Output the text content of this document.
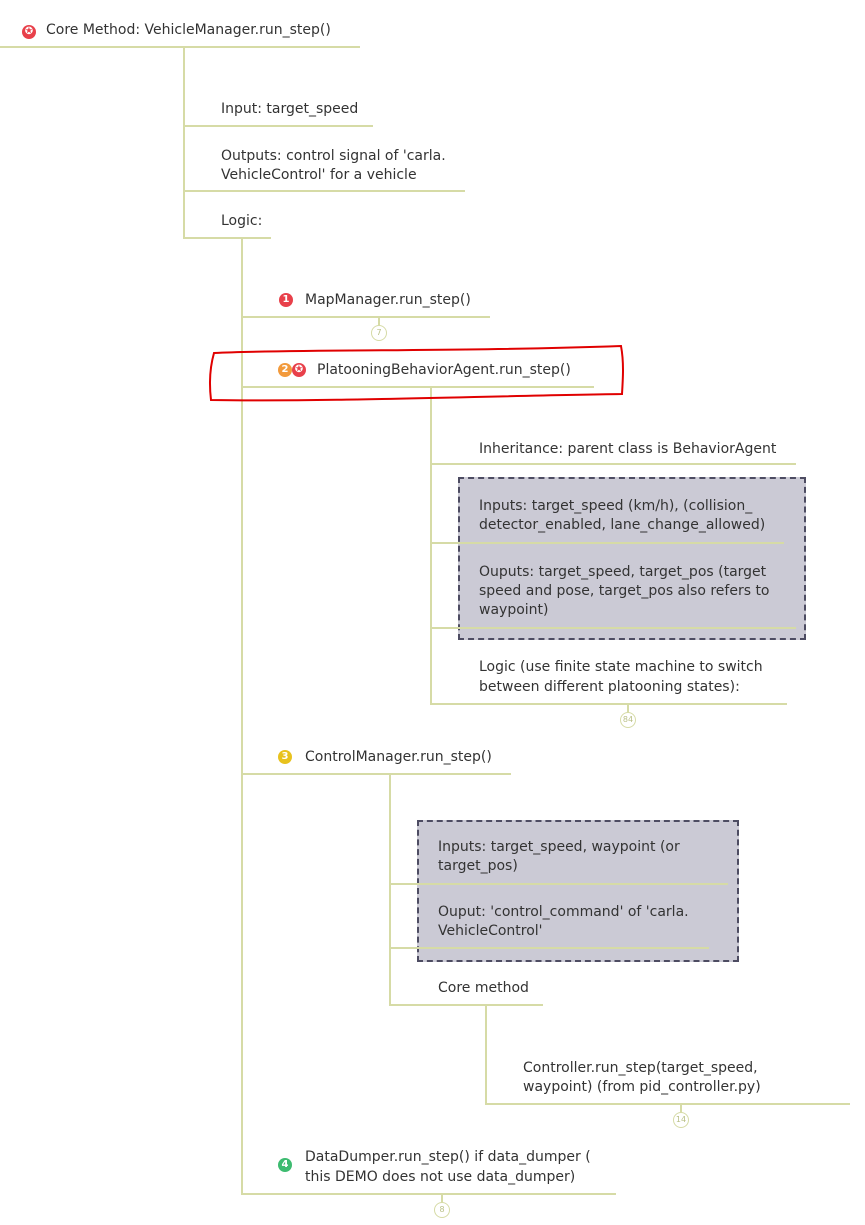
✪ Core Method: VehicleManager.run_step()
Input: target_speed
Outputs: control signal of 'carla.
VehicleControl' for a vehicle
Logic:
1 MapManager.run_step()
7
2 ✪ PlatooningBehaviorAgent.run_step()
Inheritance: parent class is BehaviorAgent
Inputs: target_speed (km/h), (collision_
detector_enabled, lane_change_allowed)
Ouputs: target_speed, target_pos (target
speed and pose, target_pos also refers to
waypoint)
Logic (use finite state machine to switch
between different platooning states):
84
3 ControlManager.run_step()
Inputs: target_speed, waypoint (or
target_pos)
Ouput: 'control_command' of 'carla.
VehicleControl'
Core method
Controller.run_step(target_speed,
waypoint) (from pid_controller.py)
14
4 DataDumper.run_step() if data_dumper (
this DEMO does not use data_dumper)
8
